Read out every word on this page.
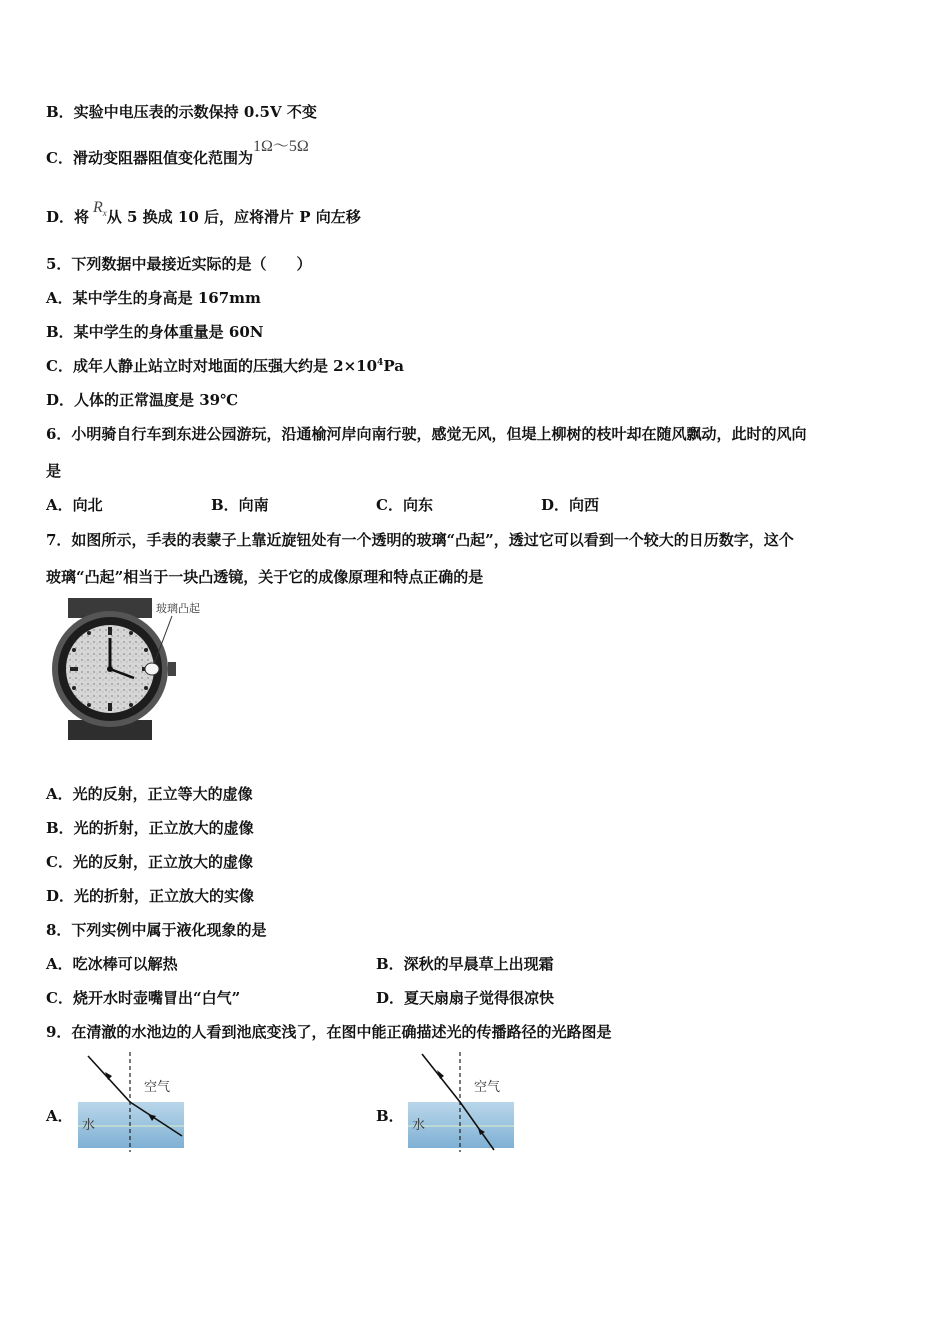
B．实验中电压表的示数保持 0.5V 不变
C．滑动变阻器阻值变化范围为1Ω～5Ω
D．将$R_x$从 5 换成 10 后，应将滑片 P 向左移
5．下列数据中最接近实际的是（　　）
A．某中学生的身高是 167mm
B．某中学生的身体重量是 60N
C．成年人静止站立时对地面的压强大约是 $2\times 10^4Pa$
D．人体的正常温度是 39℃
6．小明骑自行车到东进公园游玩，沿通榆河岸向南行驶，感觉无风，但堤上柳树的枝叶却在随风飘动，此时的风向
是
A．向北	B．向南	C．向东	D．向西
7．如图所示，手表的表蒙子上靠近旋钮处有一个透明的玻璃“凸起”，透过它可以看到一个较大的日历数字，这个
玻璃“凸起”相当于一块凸透镜，关于它的成像原理和特点正确的是
玻璃凸起
A．光的反射，正立等大的虚像
B．光的折射，正立放大的虚像
C．光的反射，正立放大的虚像
D．光的折射，正立放大的实像
8．下列实例中属于液化现象的是
A．吃冰棒可以解热	B．深秋的早晨草上出现霜
C．烧开水时壶嘴冒出“白气”	D．夏天扇扇子觉得很凉快
9．在清澈的水池边的人看到池底变浅了，在图中能正确描述光的传播路径的光路图是
A．
空气
水
B．
空气
水
